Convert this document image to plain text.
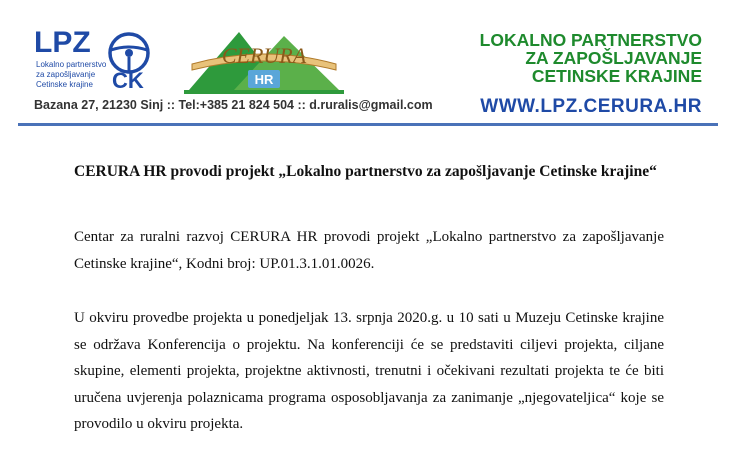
LPZ
Lokalno partnerstvo
za zapošljavanje
Cetinske krajine CK
CERURA
HR
Bazana 27, 21230 Sinj :: Tel:+385 21 824 504 :: d.ruralis@gmail.com
LOKALNO PARTNERSTVO
ZA ZAPOŠLJAVANJE
CETINSKE KRAJINE
WWW.LPZ.CERURA.HR
CERURA HR provodi projekt „Lokalno partnerstvo za zapošljavanje Cetinske krajine“

Centar za ruralni razvoj CERURA HR provodi projekt „Lokalno partnerstvo za zapošljavanje Cetinske krajine“, Kodni broj: UP.01.3.1.01.0026.

U okviru provedbe projekta u ponedjeljak 13. srpnja 2020.g. u 10 sati u Muzeju Cetinske krajine se održava Konferencija o projektu. Na konferenciji će se predstaviti ciljevi projekta, ciljane skupine, elementi projekta, projektne aktivnosti, trenutni i očekivani rezultati projekta te će biti uručena uvjerenja polaznicama programa osposobljavanja za zanimanje „njegovateljica“ koje se provodilo u okviru projekta.
